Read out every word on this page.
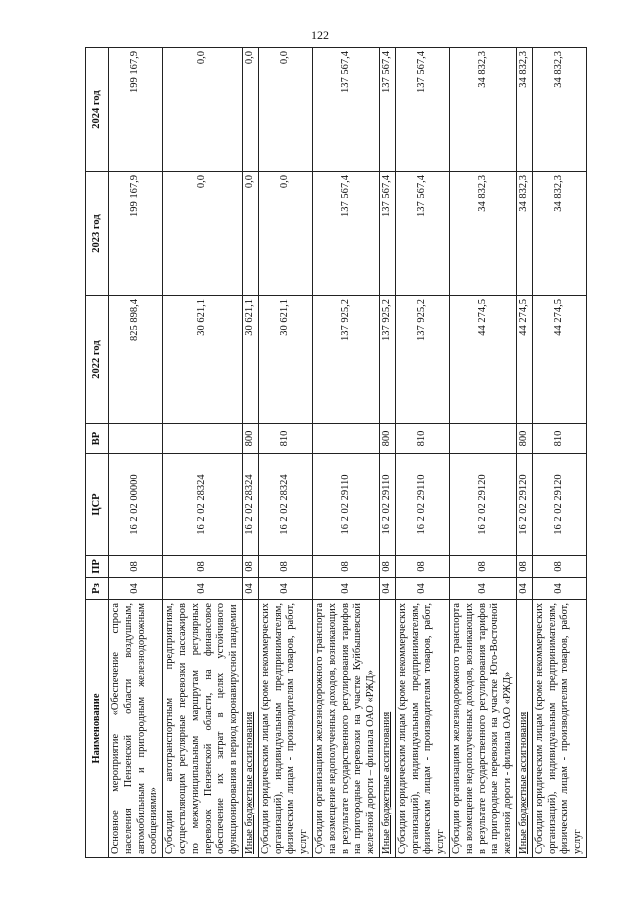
122
Наименование	Рз	ПР	ЦСР	ВР	2022 год	2023 год	2024 год
Основное мероприятие «Обеспечение спроса населения Пензенской области воздушным, автомобильным и пригородным железнодорожным сообщениями»	04	08	16 2 02 00000		825 898,4	199 167,9	199 167,9
Субсидии автотранспортным предприятиям, осуществляющим регулярные перевозки пассажиров по межмуниципальным маршрутам регулярных перевозок Пензенской области, на финансовое обеспечение их затрат в целях устойчивого функционирования в период коронавирусной пандемии	04	08	16 2 02 28324		30 621,1	0,0	0,0
Иные бюджетные ассигнования	04	08	16 2 02 28324	800	30 621,1	0,0	0,0
Субсидии юридическим лицам (кроме некоммерческих организаций), индивидуальным предпринимателям, физическим лицам - производителям товаров, работ, услуг	04	08	16 2 02 28324	810	30 621,1	0,0	0,0
Субсидии организациям железнодорожного транспорта на возмещение недополученных доходов, возникающих в результате государственного регулирования тарифов на пригородные перевозки на участке Куйбышевской железной дороги – филиала ОАО «РЖД»	04	08	16 2 02 29110		137 925,2	137 567,4	137 567,4
Иные бюджетные ассигнования	04	08	16 2 02 29110	800	137 925,2	137 567,4	137 567,4
Субсидии юридическим лицам (кроме некоммерческих организаций), индивидуальным предпринимателям, физическим лицам - производителям товаров, работ, услуг	04	08	16 2 02 29110	810	137 925,2	137 567,4	137 567,4
Субсидии организациям железнодорожного транспорта на возмещение недополученных доходов, возникающих в результате государственного регулирования тарифов на пригородные перевозки на участке Юго-Восточной железной дороги - филиала ОАО «РЖД»	04	08	16 2 02 29120		44 274,5	34 832,3	34 832,3
Иные бюджетные ассигнования	04	08	16 2 02 29120	800	44 274,5	34 832,3	34 832,3
Субсидии юридическим лицам (кроме некоммерческих организаций), индивидуальным предпринимателям, физическим лицам - производителям товаров, работ, услуг	04	08	16 2 02 29120	810	44 274,5	34 832,3	34 832,3
